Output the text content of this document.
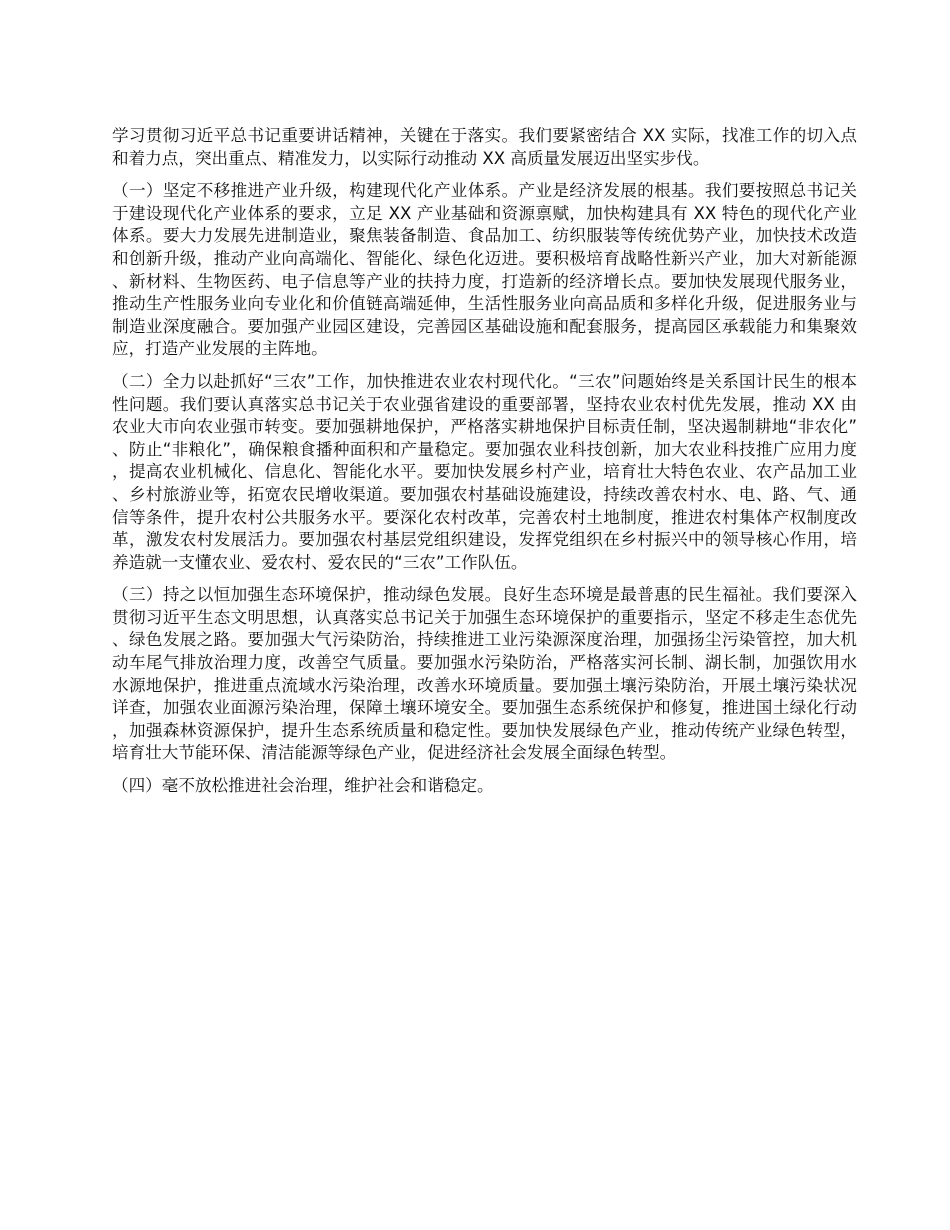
学习贯彻习近平总书记重要讲话精神，关键在于落实。我们要紧密结合 XX 实际，找准工作的切入点和着力点，突出重点、精准发力，以实际行动推动 XX 高质量发展迈出坚实步伐。

（一）坚定不移推进产业升级，构建现代化产业体系。产业是经济发展的根基。我们要按照总书记关于建设现代化产业体系的要求，立足 XX 产业基础和资源禀赋，加快构建具有 XX 特色的现代化产业体系。要大力发展先进制造业，聚焦装备制造、食品加工、纺织服装等传统优势产业，加快技术改造和创新升级，推动产业向高端化、智能化、绿色化迈进。要积极培育战略性新兴产业，加大对新能源、新材料、生物医药、电子信息等产业的扶持力度，打造新的经济增长点。要加快发展现代服务业，推动生产性服务业向专业化和价值链高端延伸，生活性服务业向高品质和多样化升级，促进服务业与制造业深度融合。要加强产业园区建设，完善园区基础设施和配套服务，提高园区承载能力和集聚效应，打造产业发展的主阵地。

（二）全力以赴抓好“三农”工作，加快推进农业农村现代化。“三农”问题始终是关系国计民生的根本性问题。我们要认真落实总书记关于农业强省建设的重要部署，坚持农业农村优先发展，推动 XX 由农业大市向农业强市转变。要加强耕地保护，严格落实耕地保护目标责任制，坚决遏制耕地“非农化”、防止“非粮化”，确保粮食播种面积和产量稳定。要加强农业科技创新，加大农业科技推广应用力度，提高农业机械化、信息化、智能化水平。要加快发展乡村产业，培育壮大特色农业、农产品加工业、乡村旅游业等，拓宽农民增收渠道。要加强农村基础设施建设，持续改善农村水、电、路、气、通信等条件，提升农村公共服务水平。要深化农村改革，完善农村土地制度，推进农村集体产权制度改革，激发农村发展活力。要加强农村基层党组织建设，发挥党组织在乡村振兴中的领导核心作用，培养造就一支懂农业、爱农村、爱农民的“三农”工作队伍。

（三）持之以恒加强生态环境保护，推动绿色发展。良好生态环境是最普惠的民生福祉。我们要深入贯彻习近平生态文明思想，认真落实总书记关于加强生态环境保护的重要指示，坚定不移走生态优先、绿色发展之路。要加强大气污染防治，持续推进工业污染源深度治理，加强扬尘污染管控，加大机动车尾气排放治理力度，改善空气质量。要加强水污染防治，严格落实河长制、湖长制，加强饮用水水源地保护，推进重点流域水污染治理，改善水环境质量。要加强土壤污染防治，开展土壤污染状况详查，加强农业面源污染治理，保障土壤环境安全。要加强生态系统保护和修复，推进国土绿化行动，加强森林资源保护，提升生态系统质量和稳定性。要加快发展绿色产业，推动传统产业绿色转型，培育壮大节能环保、清洁能源等绿色产业，促进经济社会发展全面绿色转型。

（四）毫不放松推进社会治理，维护社会和谐稳定。
